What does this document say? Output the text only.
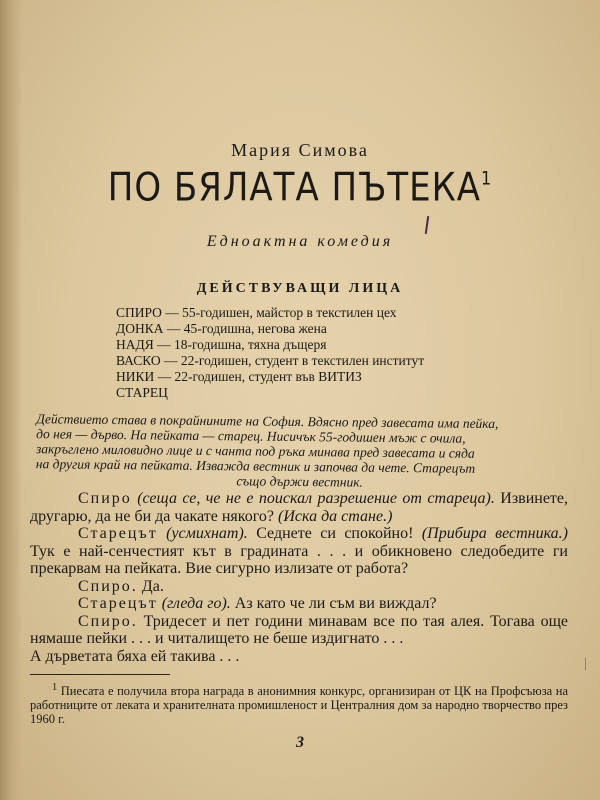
Мария Симова
ПО БЯЛАТА ПЪТЕКА$^1$
Едноактна комедия
ДЕЙСТВУВАЩИ ЛИЦА
СПИРО — 55-годишен, майстор в текстилен цех
ДОНКА — 45-годишна, негова жена
НАДЯ — 18-годишна, тяхна дъщеря
ВАСКО — 22-годишен, студент в текстилен институт
НИКИ — 22-годишен, студент във ВИТИЗ
СТАРЕЦ
Действието става в покрайнините на София. Вдясно пред завесата има пейка,
до нея — дърво. На пейката — старец. Нисичък 55-годишен мъж с очила,
закръглено миловидно лице и с чанта под ръка минава пред завесата и сяда
на другия край на пейката. Изважда вестник и започва да чете. Старецът
също държи вестник.

Спиро (сеща се, че не е поискал разрешение от стареца). Извинете, другарю, да не би да чакате някого? (Иска да стане.)

Старецът (усмихнат). Седнете си спокойно! (Прибира вестника.) Тук е най-сенчестият кът в градината . . . и обикновено следобедите ги прекарвам на пейката. Вие сигурно излизате от работа?

Спиро. Да.

Старецът (гледа го). Аз като че ли съм ви виждал?

Спиро. Тридесет и пет години минавам все по тая алея. Тогава още нямаше пейки . . . и читалището не беше издигнато . . .

А дърветата бяха ей такива . . .

$^1$ Пиесата е получила втора награда в анонимния конкурс, организиран от ЦК на Профсъюза на работниците от леката и хранителната промишленост и Централния дом за народно творчество през 1960 г.

|
3
